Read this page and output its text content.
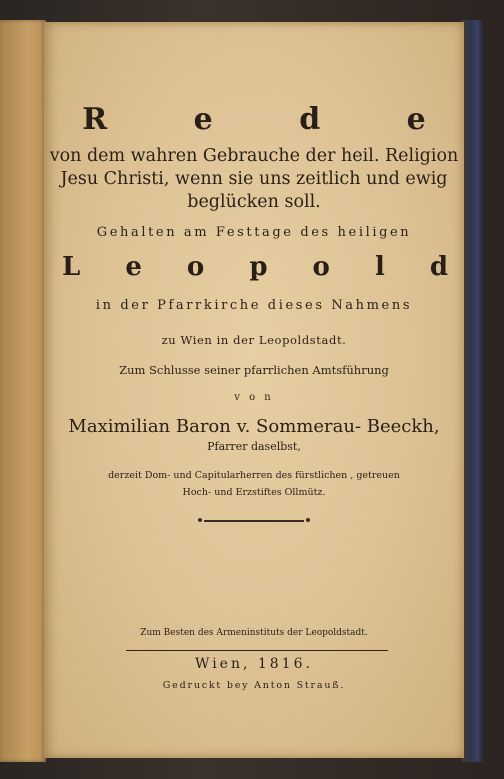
R e d e
von dem wahren Gebrauche der heil. Religion
Jesu Christi, wenn sie uns zeitlich und ewig
beglücken soll.
Gehalten am Festtage des heiligen
L e o p o l d
in der Pfarrkirche dieses Nahmens
zu Wien in der Leopoldstadt.
Zum Schlusse seiner pfarrlichen Amtsführung
v o n
Maximilian Baron v. Sommerau- Beeckh,
Pfarrer daselbst,
derzeit Dom- und Capitularherren des fürstlichen , getreuen
Hoch- und Erzstiftes Ollmütz.
Zum Besten des Armeninstituts der Leopoldstadt.
Wien, 1816.
Gedruckt bey Anton Strauß.
